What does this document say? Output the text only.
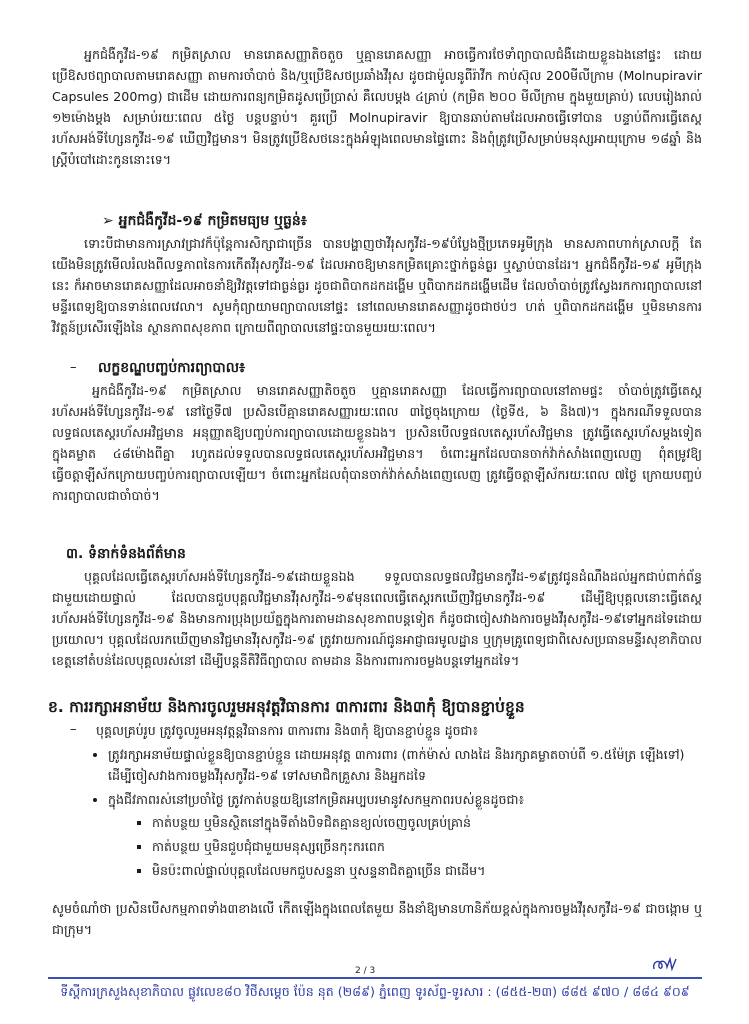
អ្នកជំងឺកូវីដ-១៩ កម្រិតស្រាល មានរោគសញ្ញាតិចតួច ឬគ្មានរោគសញ្ញា អាចធ្វើការថែទាំព្យាបាលជំងឺដោយខ្លួនឯងនៅផ្ទះ ដោយប្រើឱសថព្យាបាលតាមរោគសញ្ញា តាមការចាំបាច់ និង/ឬប្រើឱសថប្រឆាំងវីរុស ដូចជាម៉ូលនូពីរ៉ាវីក កាប់ស៊ុល 200មីលីក្រាម (Molnupiravir Capsules 200mg) ជាដើម ដោយការពន្យកម្រិតដូសប្រើប្រាស់ គឺលេបម្តង ៤គ្រាប់ (កម្រិត ២០០ មីលីក្រាម ក្នុងមួយគ្រាប់) លេបរៀងរាល់ ១២ម៉ោងម្តង សម្រាប់រយៈពេល ៥ថ្ងៃ បន្តបន្ទាប់។ គួរប្រើ Molnupiravir ឱ្យបានឆាប់តាមដែលអាចធ្វើទៅបាន បន្ទាប់ពីការធ្វើតេស្តរហ័សអង់ទីហ្សែនកូវីដ-១៩ ឃើញវិជ្ជមាន។ មិនត្រូវប្រើឱសថនេះក្នុងអំឡុងពេលមានផ្ទៃពោះ និងពុំត្រូវប្រើសម្រាប់មនុស្សអាយុក្រោម ១៨ឆ្នាំ និងស្ត្រីបំបៅដោះកូននោះទេ។

➢ អ្នកជំងឺកូវីដ-១៩ កម្រិតមធ្យម ឬធ្ងន់៖

ទោះបីជាមានការស្រាវជ្រាវក៏ប៉ុន្តែការសិក្សាជាច្រើន បានបង្ហាញថាវីរុសកូវីដ-១៩បំប្លែងថ្មីប្រភេទអូមីក្រុង មានសភាពហាក់ស្រាលក្តី តែយើងមិនត្រូវមើលរំលងពីលទ្ធភាពនៃការកើតវីរុសកូវីដ-១៩ ដែលអាចឱ្យមានកម្រិតគ្រោះថ្នាក់ធ្ងន់ធ្ងរ ឬស្លាប់បានដែរ។ អ្នកជំងឺកូវីដ-១៩ អូមីក្រុងនេះ ក៏អាចមានរោគសញ្ញាដែលអាចនាំឱ្យវិវត្តទៅជាធ្ងន់ធ្ងរ ដូចជាពិបាកដកដង្ហើម ឬពិបាកដកដង្ហើមដើម ដែលចាំបាច់ត្រូវស្វែងរកការព្យាបាលនៅមន្ទីរពេទ្យឱ្យបានទាន់ពេលវេលា។ សូមកុំព្យាយាមព្យាបាលនៅផ្ទះ នៅពេលមានរោគសញ្ញាដូចជាថប់ៗ ហត់ ឬពិបាកដកដង្ហើម ឬមិនមានការវិវត្តន៍ប្រសើរឡើងនៃ ស្ថានភាពសុខភាព ក្រោយពីព្យាបាលនៅផ្ទះបានមួយរយៈពេល។

– លក្ខខណ្ឌបញ្ចប់ការព្យាបាល៖

អ្នកជំងឺកូវីដ-១៩ កម្រិតស្រាល មានរោគសញ្ញាតិចតួច ឬគ្មានរោគសញ្ញា ដែលធ្វើការព្យាបាលនៅតាមផ្ទះ ចាំបាច់ត្រូវធ្វើតេស្តរហ័សអង់ទីហ្សែនកូវីដ-១៩ នៅថ្ងៃទី៧ ប្រសិនបើគ្មានរោគសញ្ញារយៈពេល ៣ថ្ងៃចុងក្រោយ (ថ្ងៃទី៥, ៦ និង៧)។ ក្នុងករណីទទួលបានលទ្ធផលតេស្តរហ័សអវិជ្ជមាន អនុញ្ញាតឱ្យបញ្ចប់ការព្យាបាលដោយខ្លួនឯង។ ប្រសិនបើលទ្ធផលតេស្តរហ័សវិជ្ជមាន ត្រូវធ្វើតេស្តរហ័សម្តងទៀតក្នុងគម្លាត ៤៨ម៉ោងពីគ្នា រហូតដល់ទទួលបានលទ្ធផលតេស្តរហ័សអវិជ្ជមាន។ ចំពោះអ្នកដែលបានចាក់វ៉ាក់សាំងពេញលេញ ពុំតម្រូវឱ្យធ្វើចត្តាឡីស័កក្រោយបញ្ចប់ការព្យាបាលឡើយ។ ចំពោះអ្នកដែលពុំបានចាក់វ៉ាក់សាំងពេញលេញ ត្រូវធ្វើចត្តាឡីស័ករយៈពេល ៧ថ្ងៃ ក្រោយបញ្ចប់ការព្យាបាលជាចាំបាច់។

៣. ទំនាក់ទំនងព័ត៌មាន

បុគ្គលដែលធ្វើតេស្តរហ័សអង់ទីហ្សែនកូវីដ-១៩ដោយខ្លួនឯង ទទួលបានលទ្ធផលវិជ្ជមានកូវីដ-១៩ត្រូវជូនដំណឹងដល់អ្នកជាប់ពាក់ព័ន្ធជាមួយដោយផ្ទាល់ ដែលបានជួបបុគ្គលវិជ្ជមានវីរុសកូវីដ-១៩មុនពេលធ្វើតេស្តរកឃើញវិជ្ជមានកូវីដ-១៩ ដើម្បីឱ្យបុគ្គលនោះធ្វើតេស្តរហ័សអង់ទីហ្សែនកូវីដ-១៩ និងមានការប្រុងប្រយ័ត្នក្នុងការតាមដានសុខភាពបន្តទៀត ក៏ដូចជាចៀសវាងការចម្លងវីរុសកូវីដ-១៩ទៅអ្នកដទៃដោយប្រយោល។ បុគ្គលដែលរកឃើញមានវិជ្ជមានវីរុសកូវីដ-១៩ ត្រូវរាយការណ៍ជូនអាជ្ញាធរមូលដ្ឋាន ឬក្រុមគ្រូពេទ្យជាពិសេសប្រធានមន្ទីរសុខាភិបាលខេត្តនៅតំបន់ដែលបុគ្គលរស់នៅ ដើម្បីបន្តនីតិវិធីព្យាបាល តាមដាន និងការពារការចម្លងបន្តទៅអ្នកដទៃ។

ខ. ការរក្សាអនាម័យ និងការចូលរួមអនុវត្តវិធានការ ៣ការពារ និង៣កុំ ឱ្យបានខ្ជាប់ខ្ជួន
– បុគ្គលគ្រប់រូប ត្រូវចូលរួមអនុវត្តន្តវិធានការ ៣ការពារ និង៣កុំ ឱ្យបានខ្ជាប់ខ្ជួន ដូចជា៖
• ត្រូវរក្សាអនាម័យផ្ទាល់ខ្លួនឱ្យបានខ្ជាប់ខ្ជួន ដោយអនុវត្ត ៣ការពារ (ពាក់ម៉ាស់ លាងដៃ និងរក្សាគម្លាតចាប់ពី ១.៥ម៉ែត្រ ឡើងទៅ) ដើម្បីចៀសវាងការចម្លងវីរុសកូវីដ-១៩ ទៅសមាជិកគ្រួសារ និងអ្នកដទៃ
• ក្នុងជីវភាពរស់នៅប្រចាំថ្ងៃ ត្រូវកាត់បន្ថយឱ្យនៅកម្រិតអប្បបរមានូវសកម្មភាពរបស់ខ្លួនដូចជា៖
▪ កាត់បន្ថយ ឬមិនស្ថិតនៅក្នុងទីតាំងបិទជិតគ្មានខ្យល់ចេញចូលគ្រប់គ្រាន់
▪ កាត់បន្ថយ ឬមិនជួបជុំជាមួយមនុស្សច្រើនកុះករពេក
▪ មិនប៉ះពាល់ផ្ទាល់បុគ្គលដែលមកជួបសន្ទនា ឬសន្ទនាជិតគ្នាច្រើន ជាដើម។

សូមចំណាំថា ប្រសិនបើសកម្មភាពទាំង៣ខាងលើ កើតឡើងក្នុងពេលតែមួយ នឹងនាំឱ្យមានហានិភ័យខ្ពស់ក្នុងការចម្លងវីរុសកូវីដ-១៩ ជាចង្កោម ឬ ជាក្រុម។

2 / 3
ទីស្តីការក្រសួងសុខាភិបាល ផ្លូវលេខ៨០ វិថីសម្តេច ប៉ែន នុត (២៨៩) ភ្នំពេញ ទូរស័ព្ទ-ទូរសារ : (៨៥៥-២៣) ៨៨៥ ៩៧០ / ៨៨៤ ៩០៩
